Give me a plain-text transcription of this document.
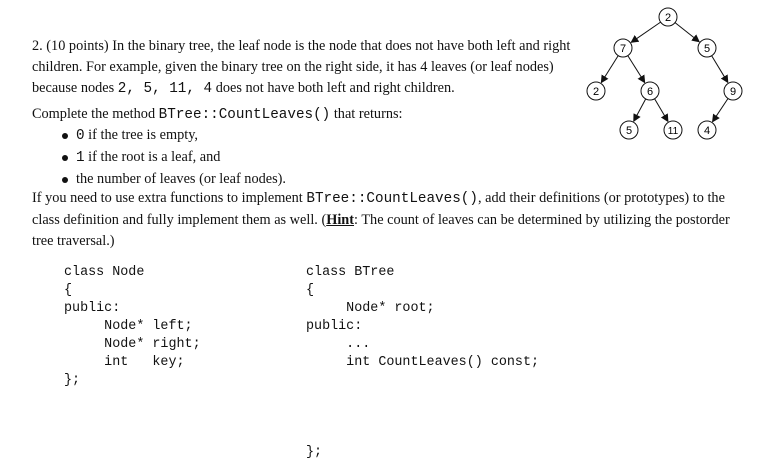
2. (10 points) In the binary tree, the leaf node is the node that does not have both left and right children. For example, given the binary tree on the right side, it has 4 leaves (or leaf nodes) because nodes 2, 5, 11, 4 does not have both left and right children.

Complete the method BTree::CountLeaves() that returns:

0 if the tree is empty,
1 if the root is a leaf, and
the number of leaves (or leaf nodes).

If you need to use extra functions to implement BTree::CountLeaves(), add their definitions (or prototypes) to the class definition and fully implement them as well. (Hint: The count of leaves can be determined by utilizing the postorder tree traversal.)

class Node
{
public:
Node* left;
Node* right;
int   key;
};
class BTree
{
Node* root;
public:
...
int CountLeaves() const;

};
2
7	5
2	6	9
5	11 4
